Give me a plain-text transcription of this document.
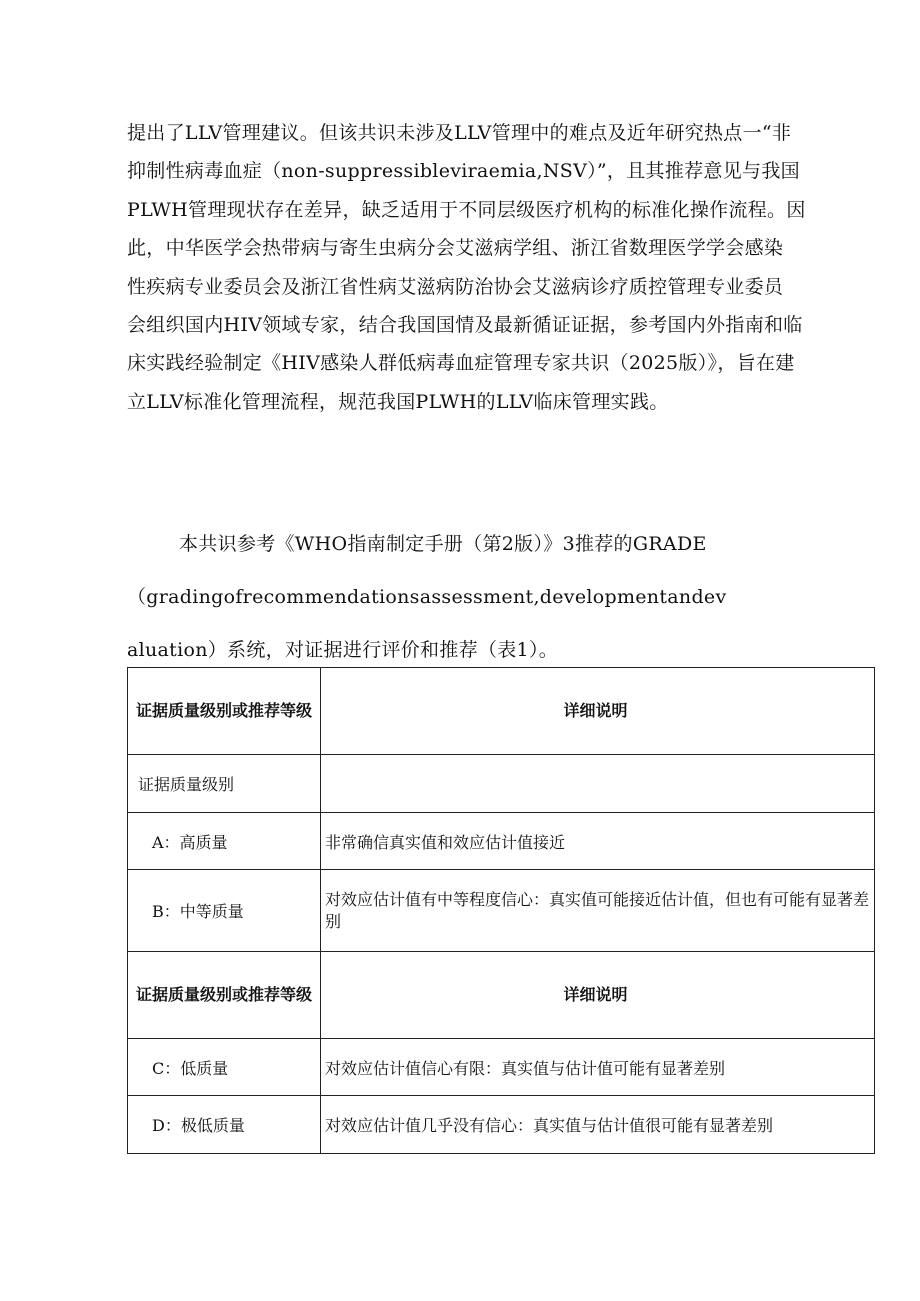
提出了LLV管理建议。但该共识未涉及LLV管理中的难点及近年研究热点一“非
抑制性病毒血症（non-suppressibleviraemia,NSV）”，且其推荐意见与我国
PLWH管理现状存在差异，缺乏适用于不同层级医疗机构的标准化操作流程。因
此，中华医学会热带病与寄生虫病分会艾滋病学组、浙江省数理医学学会感染
性疾病专业委员会及浙江省性病艾滋病防治协会艾滋病诊疗质控管理专业委员
会组织国内HIV领域专家，结合我国国情及最新循证证据，参考国内外指南和临
床实践经验制定《HIV感染人群低病毒血症管理专家共识（2025版）》，旨在建
立LLV标准化管理流程，规范我国PLWH的LLV临床管理实践。
本共识参考《WHO指南制定手册（第2版）》3推荐的GRADE
（gradingofrecommendationsassessment,developmentandev
aluation）系统，对证据进行评价和推荐（表1）。
证据质量级别或推荐等级	详细说明
证据质量级别	
A：高质量	非常确信真实值和效应估计值接近
B：中等质量	对效应估计值有中等程度信心：真实值可能接近估计值，但也有可能有显著差别
证据质量级别或推荐等级	详细说明
C：低质量	对效应估计值信心有限：真实值与估计值可能有显著差别
D：极低质量	对效应估计值几乎没有信心：真实值与估计值很可能有显著差别
